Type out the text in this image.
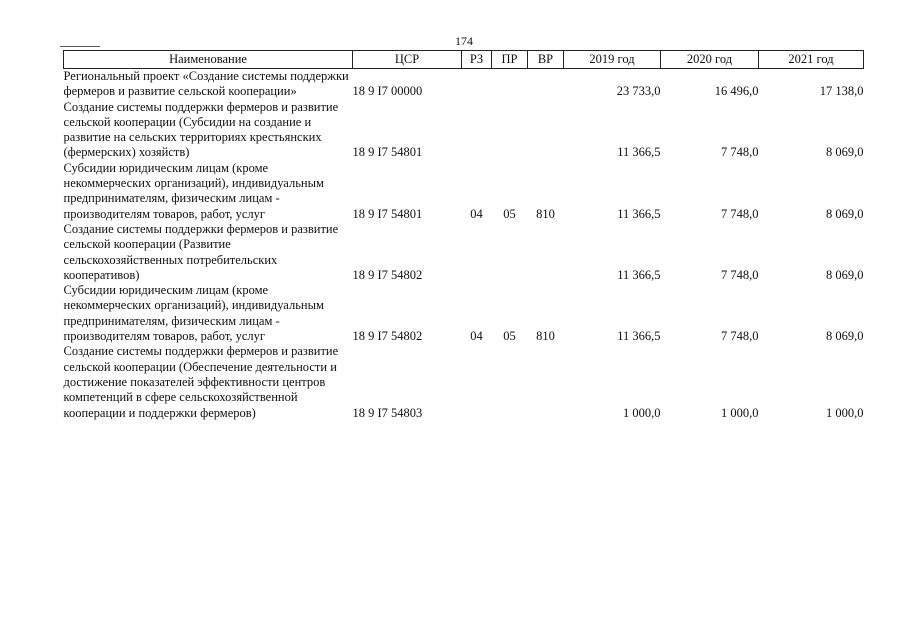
174
Наименование	ЦСР	РЗ	ПР	ВР	2019 год	2020 год	2021 год
Региональный проект «Создание системы поддержки фермеров и развитие сельской кооперации»	18 9 I7 00000				23 733,0	16 496,0	17 138,0
Создание системы поддержки фермеров и развитие сельской кооперации (Субсидии на создание и развитие на сельских территориях крестьянских (фермерских) хозяйств)	18 9 I7 54801				11 366,5	7 748,0	8 069,0
Субсидии юридическим лицам (кроме некоммерческих организаций), индивидуальным предпринимателям, физическим лицам - производителям товаров, работ, услуг	18 9 I7 54801	04	05	810	11 366,5	7 748,0	8 069,0
Создание системы поддержки фермеров и развитие сельской кооперации (Развитие сельскохозяйственных потребительских кооперативов)	18 9 I7 54802				11 366,5	7 748,0	8 069,0
Субсидии юридическим лицам (кроме некоммерческих организаций), индивидуальным предпринимателям, физическим лицам - производителям товаров, работ, услуг	18 9 I7 54802	04	05	810	11 366,5	7 748,0	8 069,0
Создание системы поддержки фермеров и развитие сельской кооперации (Обеспечение деятельности и достижение показателей эффективности центров компетенций в сфере сельскохозяйственной кооперации и поддержки фермеров)	18 9 I7 54803				1 000,0	1 000,0	1 000,0
